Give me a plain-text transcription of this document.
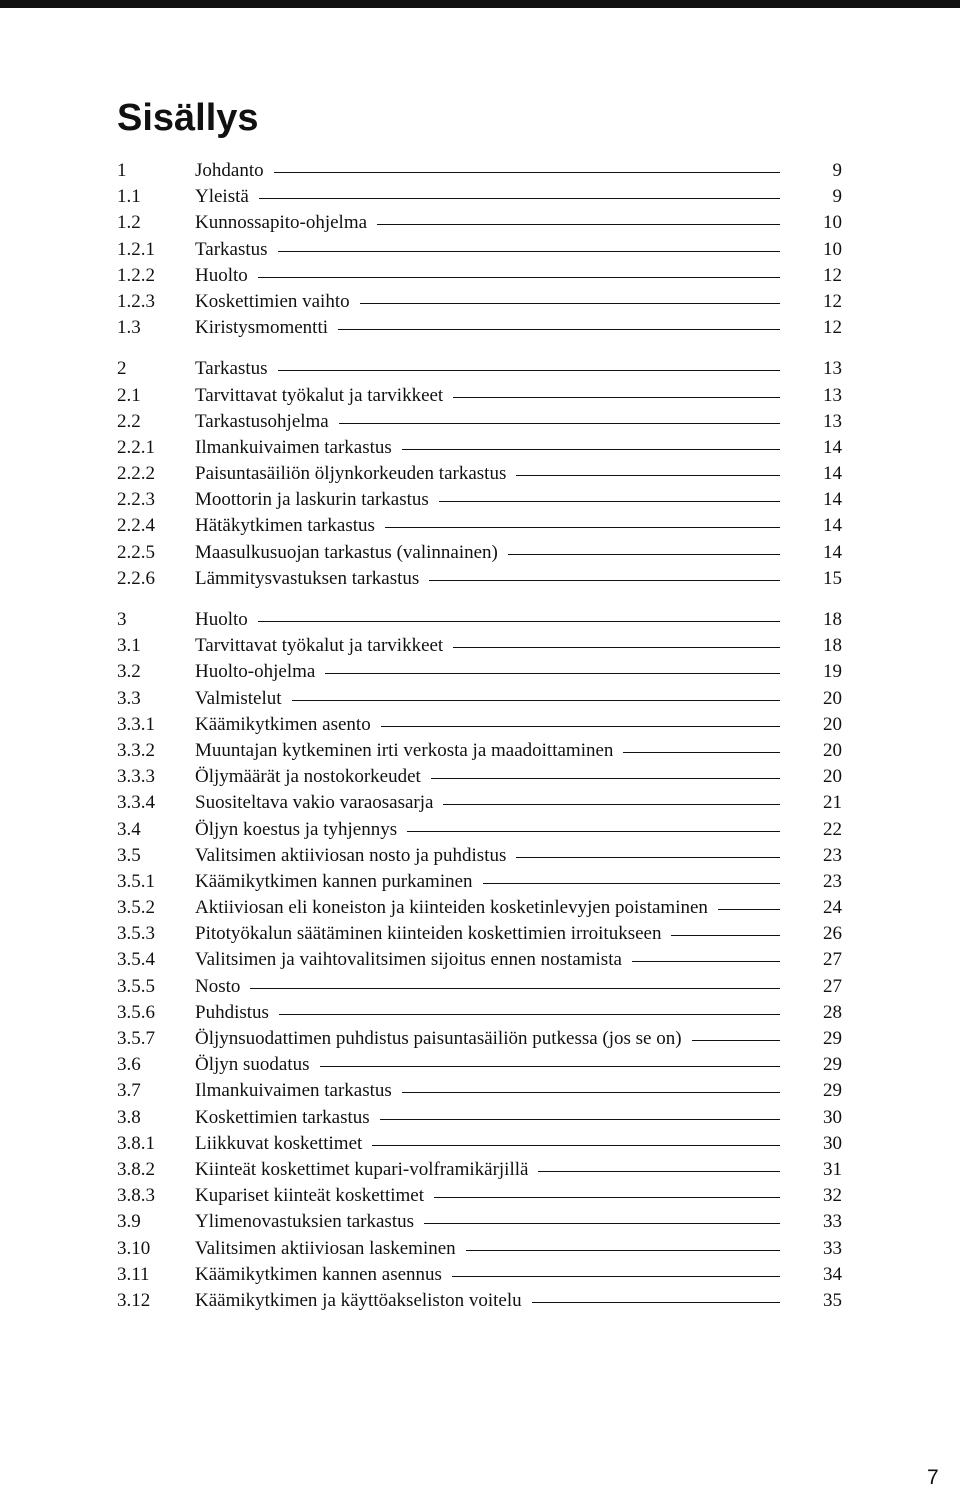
Sisällys
1	Johdanto	9
1.1	Yleistä	9
1.2	Kunnossapito-ohjelma	10
1.2.1 Tarkastus	10
1.2.2 Huolto	12
1.2.3 Koskettimien vaihto	12
1.3	Kiristysmomentti	12
2	Tarkastus	13
2.1	Tarvittavat työkalut ja tarvikkeet	13
2.2	Tarkastusohjelma	13
2.2.1 Ilmankuivaimen tarkastus	14
2.2.2 Paisuntasäiliön öljynkorkeuden tarkastus	14
2.2.3 Moottorin ja laskurin tarkastus	14
2.2.4 Hätäkytkimen tarkastus	14
2.2.5 Maasulkusuojan tarkastus (valinnainen)	14
2.2.6 Lämmitysvastuksen tarkastus	15
3	Huolto	18
3.1	Tarvittavat työkalut ja tarvikkeet	18
3.2	Huolto-ohjelma	19
3.3	Valmistelut	20
3.3.1 Käämikytkimen asento	20
3.3.2 Muuntajan kytkeminen irti verkosta ja maadoittaminen	20
3.3.3 Öljymäärät ja nostokorkeudet	20
3.3.4 Suositeltava vakio varaosasarja	21
3.4	Öljyn koestus ja tyhjennys	22
3.5	Valitsimen aktiiviosan nosto ja puhdistus	23
3.5.1 Käämikytkimen kannen purkaminen	23
3.5.2 Aktiiviosan eli koneiston ja kiinteiden kosketinlevyjen poistaminen	24
3.5.3 Pitotyökalun säätäminen kiinteiden koskettimien irroitukseen	26
3.5.4 Valitsimen ja vaihtovalitsimen sijoitus ennen nostamista	27
3.5.5 Nosto	27
3.5.6 Puhdistus	28
3.5.7 Öljynsuodattimen puhdistus paisuntasäiliön putkessa (jos se on)	29
3.6	Öljyn suodatus	29
3.7	Ilmankuivaimen tarkastus	29
3.8	Koskettimien tarkastus	30
3.8.1 Liikkuvat koskettimet	30
3.8.2 Kiinteät koskettimet kupari-volframikärjillä	31
3.8.3 Kupariset kiinteät koskettimet	32
3.9	Ylimenovastuksien tarkastus	33
3.10 Valitsimen aktiiviosan laskeminen	33
3.11 Käämikytkimen kannen asennus	34
3.12 Käämikytkimen ja käyttöakseliston voitelu	35
7
